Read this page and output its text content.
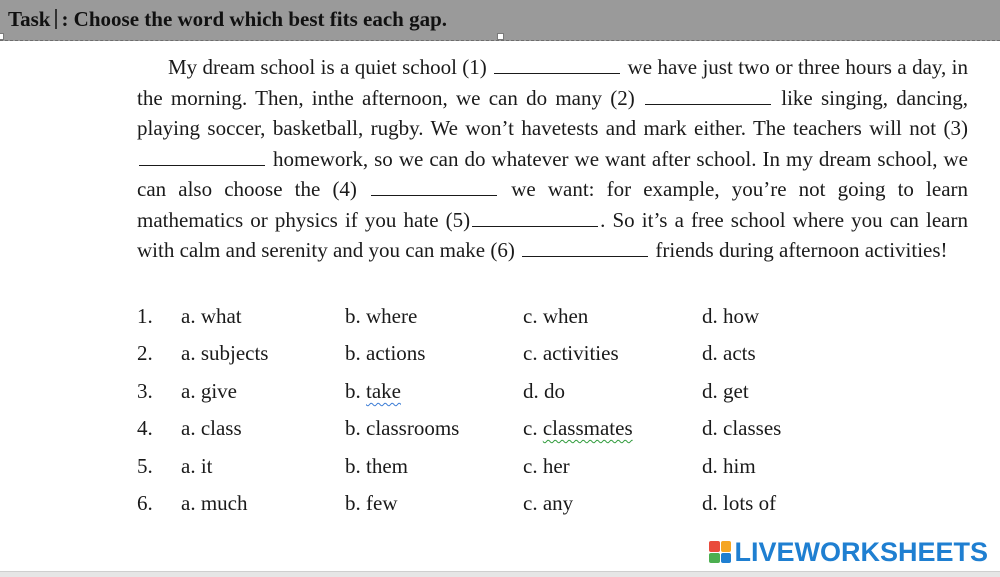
Task : Choose the word which best fits each gap.

My dream school is a quiet school (1)	we have just two or three hours a day, in the morning. Then, inthe afternoon, we can do many (2)	like singing, dancing, playing soccer, basketball, rugby. We won’t havetests and mark either. The teachers will not (3)  homework, so we can do whatever we want after school. In my dream school, we can also choose the (4)	we want: for example, you’re not going to learn mathematics or physics if you hate (5)	. So it’s a free school where you can learn with calm and serenity and you can make (6)	friends during afternoon activities!

1. a. what	b. where	c. when	d. how
2. a. subjects	b. actions	c. activities	d. acts
3. a. give	b. take	d. do	d. get
4. a. class	b. classrooms	c. classmates	d. classes
5. a. it	b. them	c. her	d. him
6. a. much	b. few	c. any	d. lots of
LIVEWORKSHEETS
